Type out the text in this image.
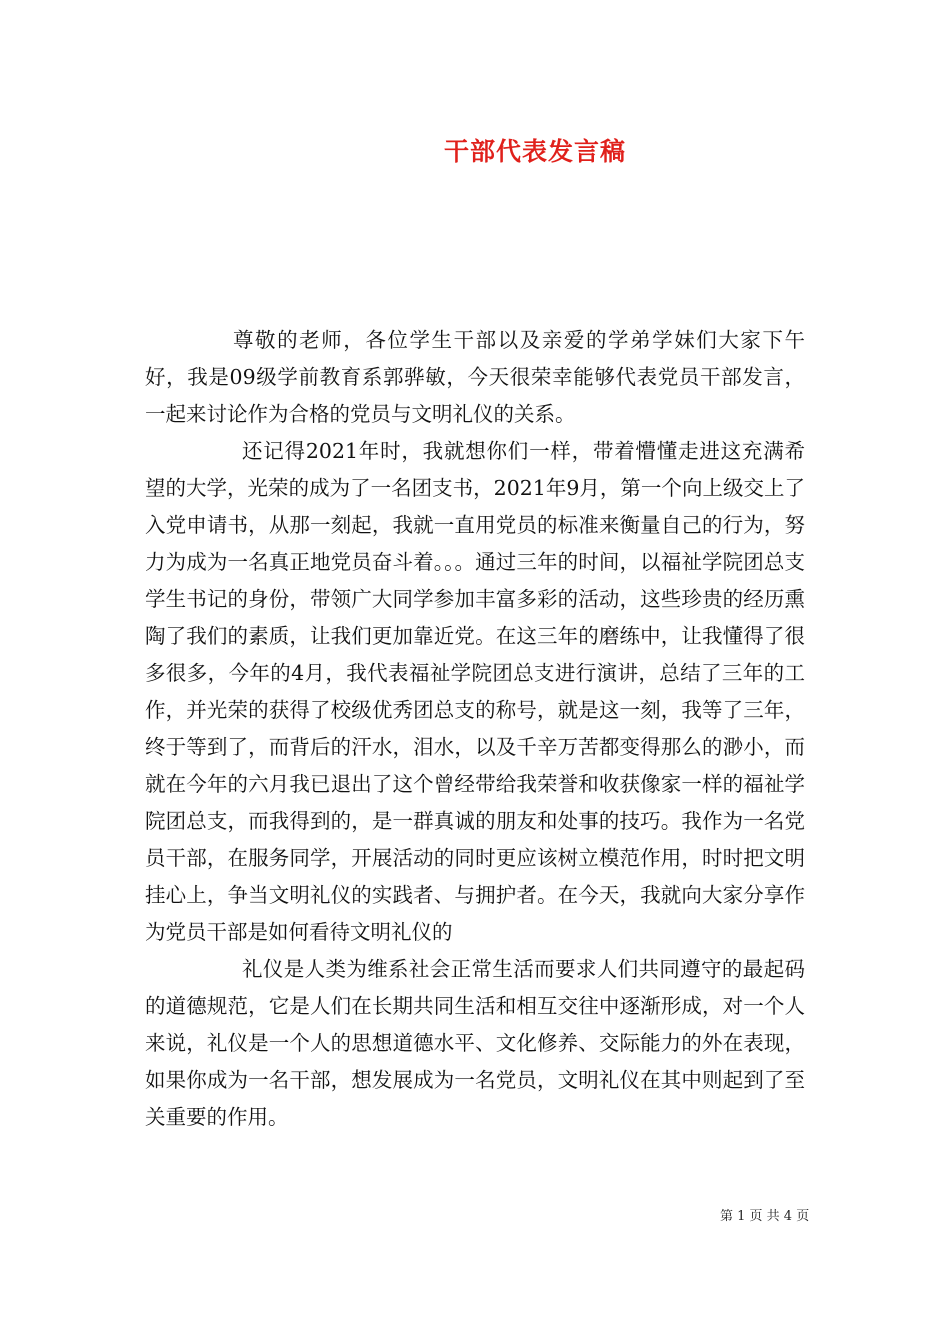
干部代表发言稿

尊敬的老师，各位学生干部以及亲爱的学弟学妹们大家下午好，我是09级学前教育系郭骅敏，今天很荣幸能够代表党员干部发言，一起来讨论作为合格的党员与文明礼仪的关系。

还记得2021年时，我就想你们一样，带着懵懂走进这充满希望的大学，光荣的成为了一名团支书，2021年9月，第一个向上级交上了入党申请书，从那一刻起，我就一直用党员的标准来衡量自己的行为，努力为成为一名真正地党员奋斗着。。。通过三年的时间，以福祉学院团总支学生书记的身份，带领广大同学参加丰富多彩的活动，这些珍贵的经历熏陶了我们的素质，让我们更加靠近党。在这三年的磨练中，让我懂得了很多很多，今年的4月，我代表福祉学院团总支进行演讲，总结了三年的工作，并光荣的获得了校级优秀团总支的称号，就是这一刻，我等了三年，终于等到了，而背后的汗水，泪水，以及千辛万苦都变得那么的渺小，而就在今年的六月我已退出了这个曾经带给我荣誉和收获像家一样的福祉学院团总支，而我得到的，是一群真诚的朋友和处事的技巧。我作为一名党员干部，在服务同学，开展活动的同时更应该树立模范作用，时时把文明挂心上，争当文明礼仪的实践者、与拥护者。在今天，我就向大家分享作为党员干部是如何看待文明礼仪的

礼仪是人类为维系社会正常生活而要求人们共同遵守的最起码的道德规范，它是人们在长期共同生活和相互交往中逐渐形成，对一个人来说，礼仪是一个人的思想道德水平、文化修养、交际能力的外在表现，如果你成为一名干部，想发展成为一名党员，文明礼仪在其中则起到了至关重要的作用。

第 1 页 共 4 页
